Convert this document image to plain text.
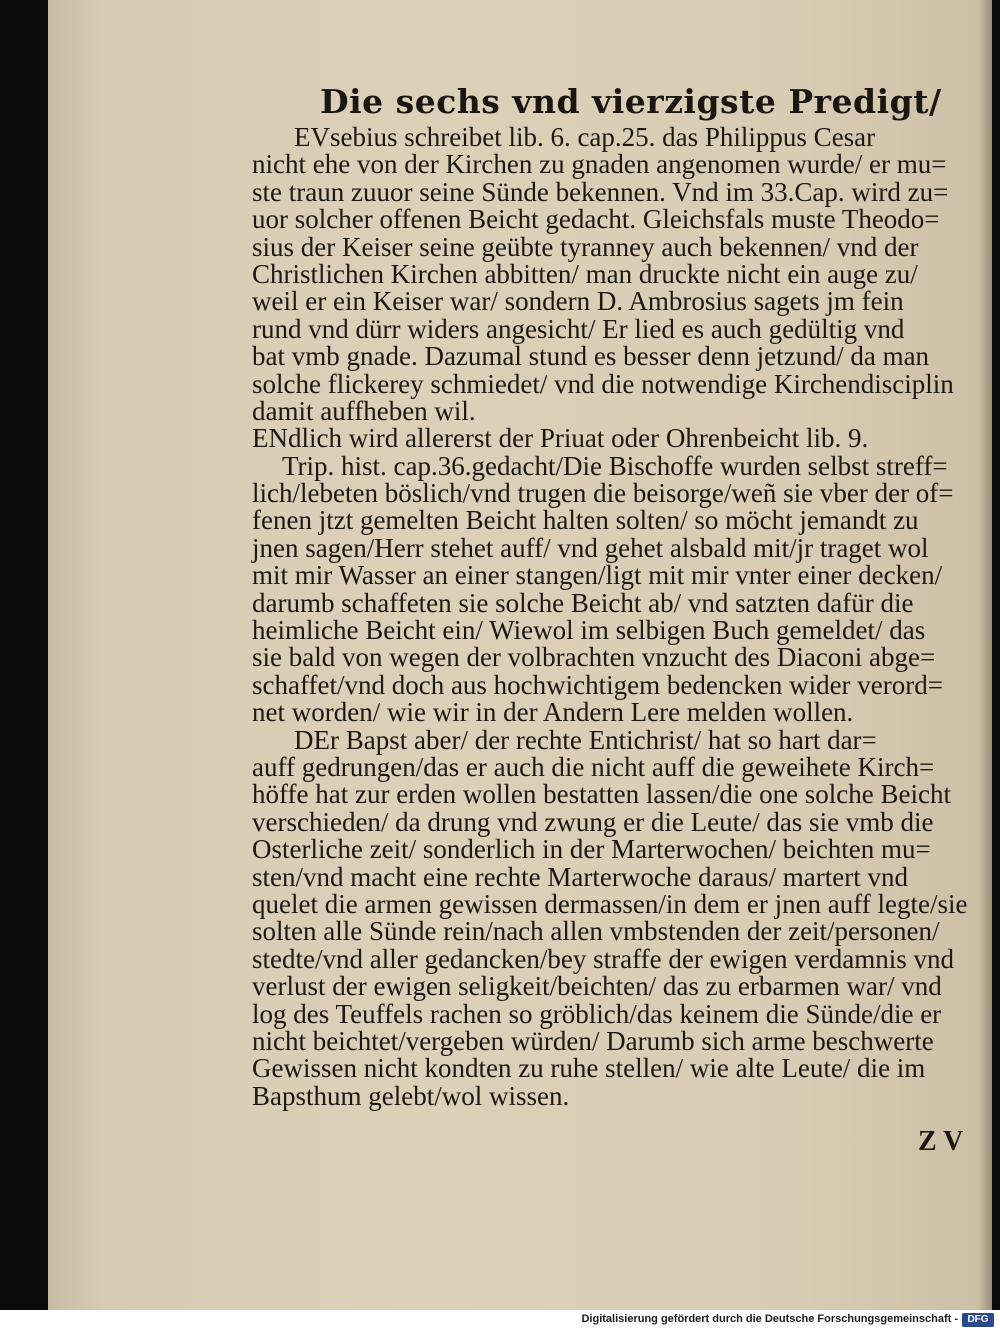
Die sechs vnd vierzigste Predigt/
EVsebius schreibet lib. 6. cap.25. das Philippus Cesar
nicht ehe von der Kirchen zu gnaden angenomen wurde/ er mu=
ste traun zuuor seine Sünde bekennen. Vnd im 33.Cap. wird zu=
uor solcher offenen Beicht gedacht. Gleichsfals muste Theodo=
sius der Keiser seine geübte tyranney auch bekennen/ vnd der
Christlichen Kirchen abbitten/ man druckte nicht ein auge zu/
weil er ein Keiser war/ sondern D. Ambrosius sagets jm fein
rund vnd dürr widers angesicht/ Er lied es auch gedültig vnd
bat vmb gnade. Dazumal stund es besser denn jetzund/ da man
solche flickerey schmiedet/ vnd die notwendige Kirchendisciplin
damit auffheben wil.
ENdlich wird allererst der Priuat oder Ohrenbeicht lib. 9.
Trip. hist. cap.36.gedacht/Die Bischoffe wurden selbst streff=
lich/lebeten böslich/vnd trugen die beisorge/weñ sie vber der of=
fenen jtzt gemelten Beicht halten solten/ so möcht jemandt zu
jnen sagen/Herr stehet auff/ vnd gehet alsbald mit/jr traget wol
mit mir Wasser an einer stangen/ligt mit mir vnter einer decken/
darumb schaffeten sie solche Beicht ab/ vnd satzten dafür die
heimliche Beicht ein/ Wiewol im selbigen Buch gemeldet/ das
sie bald von wegen der volbrachten vnzucht des Diaconi abge=
schaffet/vnd doch aus hochwichtigem bedencken wider verord=
net worden/ wie wir in der Andern Lere melden wollen.
DEr Bapst aber/ der rechte Entichrist/ hat so hart dar=
auff gedrungen/das er auch die nicht auff die geweihete Kirch=
höffe hat zur erden wollen bestatten lassen/die one solche Beicht
verschieden/ da drung vnd zwung er die Leute/ das sie vmb die
Osterliche zeit/ sonderlich in der Marterwochen/ beichten mu=
sten/vnd macht eine rechte Marterwoche daraus/ martert vnd
quelet die armen gewissen dermassen/in dem er jnen auff legte/sie
solten alle Sünde rein/nach allen vmbstenden der zeit/personen/
stedte/vnd aller gedancken/bey straffe der ewigen verdamnis vnd
verlust der ewigen seligkeit/beichten/ das zu erbarmen war/ vnd
log des Teuffels rachen so gröblich/das keinem die Sünde/die er
nicht beichtet/vergeben würden/ Darumb sich arme beschwerte
Gewissen nicht kondten zu ruhe stellen/ wie alte Leute/ die im
Bapsthum gelebt/wol wissen.
Z V
Digitalisierung gefördert durch die Deutsche Forschungsgemeinschaft - DFG
